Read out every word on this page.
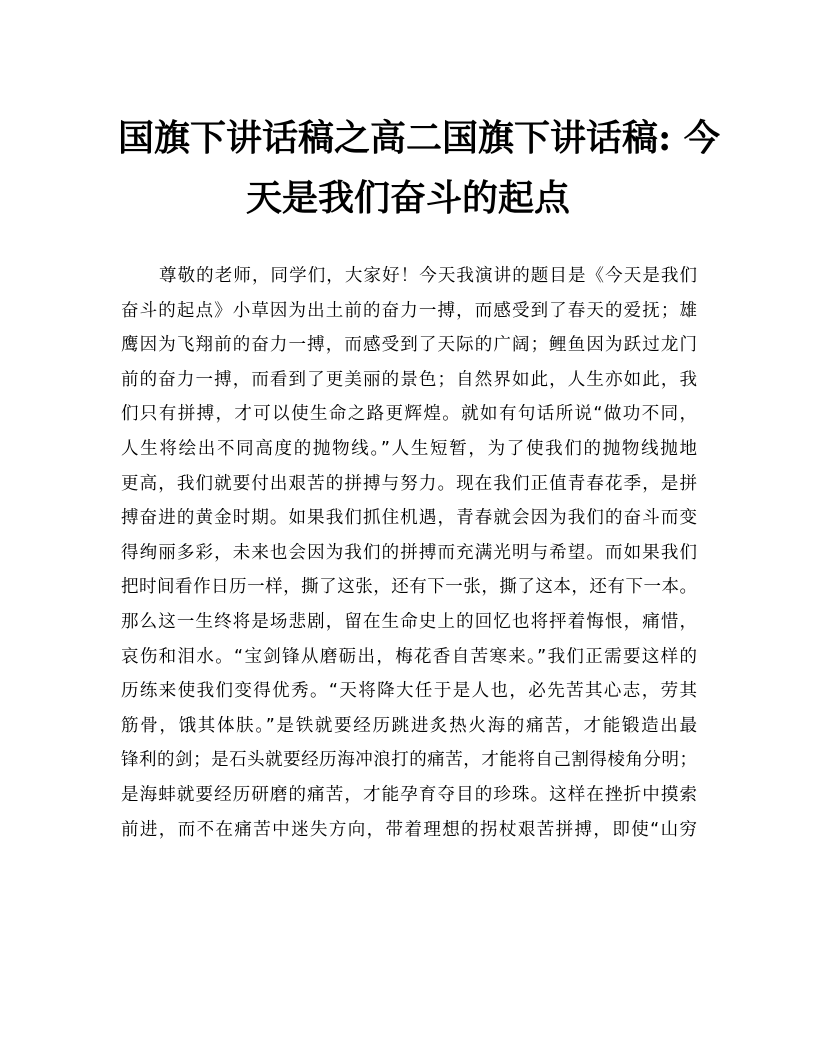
国旗下讲话稿之高二国旗下讲话稿: 今
天是我们奋斗的起点
尊敬的老师，同学们，大家好！今天我演讲的题目是《今天是我们
奋斗的起点》小草因为出土前的奋力一搏，而感受到了春天的爱抚；雄
鹰因为飞翔前的奋力一搏，而感受到了天际的广阔；鲤鱼因为跃过龙门
前的奋力一搏，而看到了更美丽的景色；自然界如此，人生亦如此，我
们只有拼搏，才可以使生命之路更辉煌。就如有句话所说“做功不同，
人生将绘出不同高度的抛物线。”人生短暂，为了使我们的抛物线抛地
更高，我们就要付出艰苦的拼搏与努力。现在我们正值青春花季，是拼
搏奋进的黄金时期。如果我们抓住机遇，青春就会因为我们的奋斗而变
得绚丽多彩，未来也会因为我们的拼搏而充满光明与希望。而如果我们
把时间看作日历一样，撕了这张，还有下一张，撕了这本，还有下一本。
那么这一生终将是场悲剧，留在生命史上的回忆也将抨着悔恨，痛惜，
哀伤和泪水。“宝剑锋从磨砺出，梅花香自苦寒来。”我们正需要这样的
历练来使我们变得优秀。“天将降大任于是人也，必先苦其心志，劳其
筋骨，饿其体肤。”是铁就要经历跳进炙热火海的痛苦，才能锻造出最
锋利的剑；是石头就要经历海冲浪打的痛苦，才能将自己割得棱角分明；
是海蚌就要经历研磨的痛苦，才能孕育夺目的珍珠。这样在挫折中摸索
前进，而不在痛苦中迷失方向，带着理想的拐杖艰苦拼搏，即使“山穷
